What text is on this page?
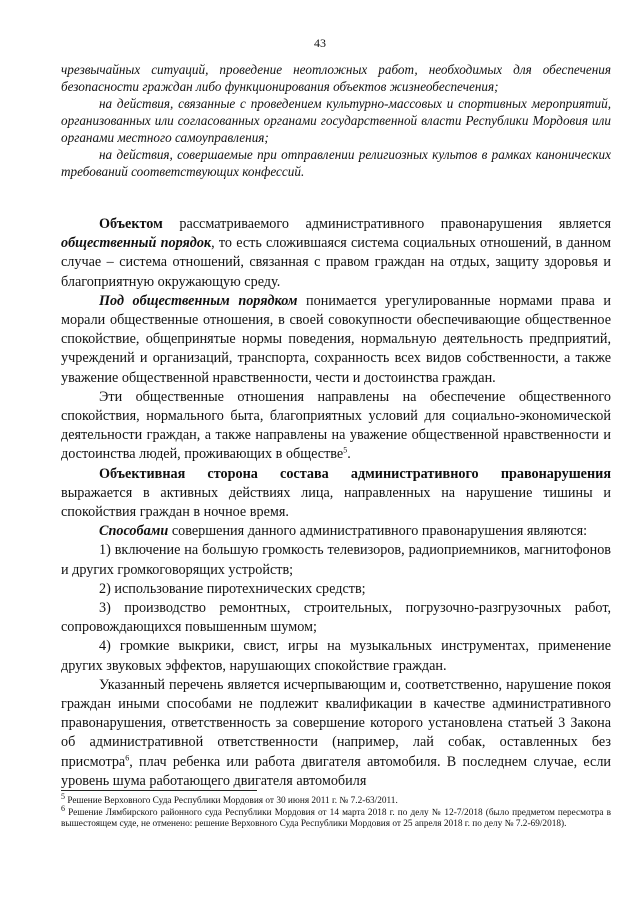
43

чрезвычайных ситуаций, проведение неотложных работ, необходимых для обеспечения безопасности граждан либо функционирования объектов жизнеобеспечения;

на действия, связанные с проведением культурно-массовых и спортивных мероприятий, организованных или согласованных органами государственной власти Республики Мордовия или органами местного самоуправления;

на действия, совершаемые при отправлении религиозных культов в рамках канонических требований соответствующих конфессий.

Объектом рассматриваемого административного правонарушения является общественный порядок, то есть сложившаяся система социальных отношений, в данном случае – система отношений, связанная с правом граждан на отдых, защиту здоровья и благоприятную окружающую среду.

Под общественным порядком понимается урегулированные нормами права и морали общественные отношения, в своей совокупности обеспечивающие общественное спокойствие, общепринятые нормы поведения, нормальную деятельность предприятий, учреждений и организаций, транспорта, сохранность всех видов собственности, а также уважение общественной нравственности, чести и достоинства граждан.

Эти общественные отношения направлены на обеспечение общественного спокойствия, нормального быта, благоприятных условий для социально-экономической деятельности граждан, а также направлены на уважение общественной нравственности и достоинства людей, проживающих в обществе$^5$.

Объективная сторона состава административного правонарушения выражается в активных действиях лица, направленных на нарушение тишины и спокойствия граждан в ночное время.

Способами совершения данного административного правонарушения являются:

1) включение на большую громкость телевизоров, радиоприемников, магнитофонов и других громкоговорящих устройств;

2) использование пиротехнических средств;

3) производство ремонтных, строительных, погрузочно-разгрузочных работ, сопровождающихся повышенным шумом;

4) громкие выкрики, свист, игры на музыкальных инструментах, применение других звуковых эффектов, нарушающих спокойствие граждан.

Указанный перечень является исчерпывающим и, соответственно, нарушение покоя граждан иными способами не подлежит квалификации в качестве административного правонарушения, ответственность за совершение которого установлена статьей 3 Закона об административной ответственности (например, лай собак, оставленных без присмотра$^6$, плач ребенка или работа двигателя автомобиля. В последнем случае, если уровень шума работающего двигателя автомобиля

$^5$ Решение Верховного Суда Республики Мордовия от 30 июня 2011 г. № 7.2-63/2011.

$^6$ Решение Лямбирского районного суда Республики Мордовия от 14 марта 2018 г. по делу № 12-7/2018 (было предметом пересмотра в вышестоящем суде, не отменено: решение Верховного Суда Республики Мордовия от 25 апреля 2018 г. по делу № 7.2-69/2018).
